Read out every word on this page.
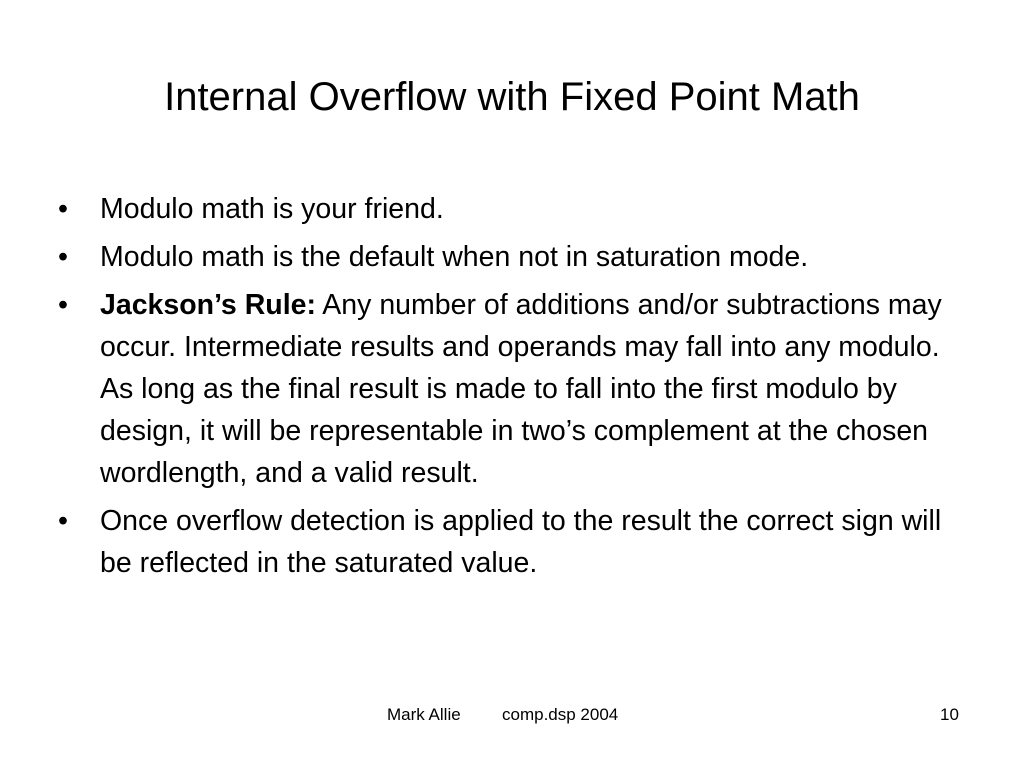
Internal Overflow with Fixed Point Math
•	Modulo math is your friend.
•	Modulo math is the default when not in saturation mode.
•	Jackson’s Rule: Any number of additions and/or subtractions may occur. Intermediate results and operands may fall into any modulo. As long as the final result is made to fall into the first modulo by design, it will be representable in two’s complement at the chosen wordlength, and a valid result.
•	Once overflow detection is applied to the result the correct sign will be reflected in the saturated value.
Mark Allie comp.dsp 2004	10
